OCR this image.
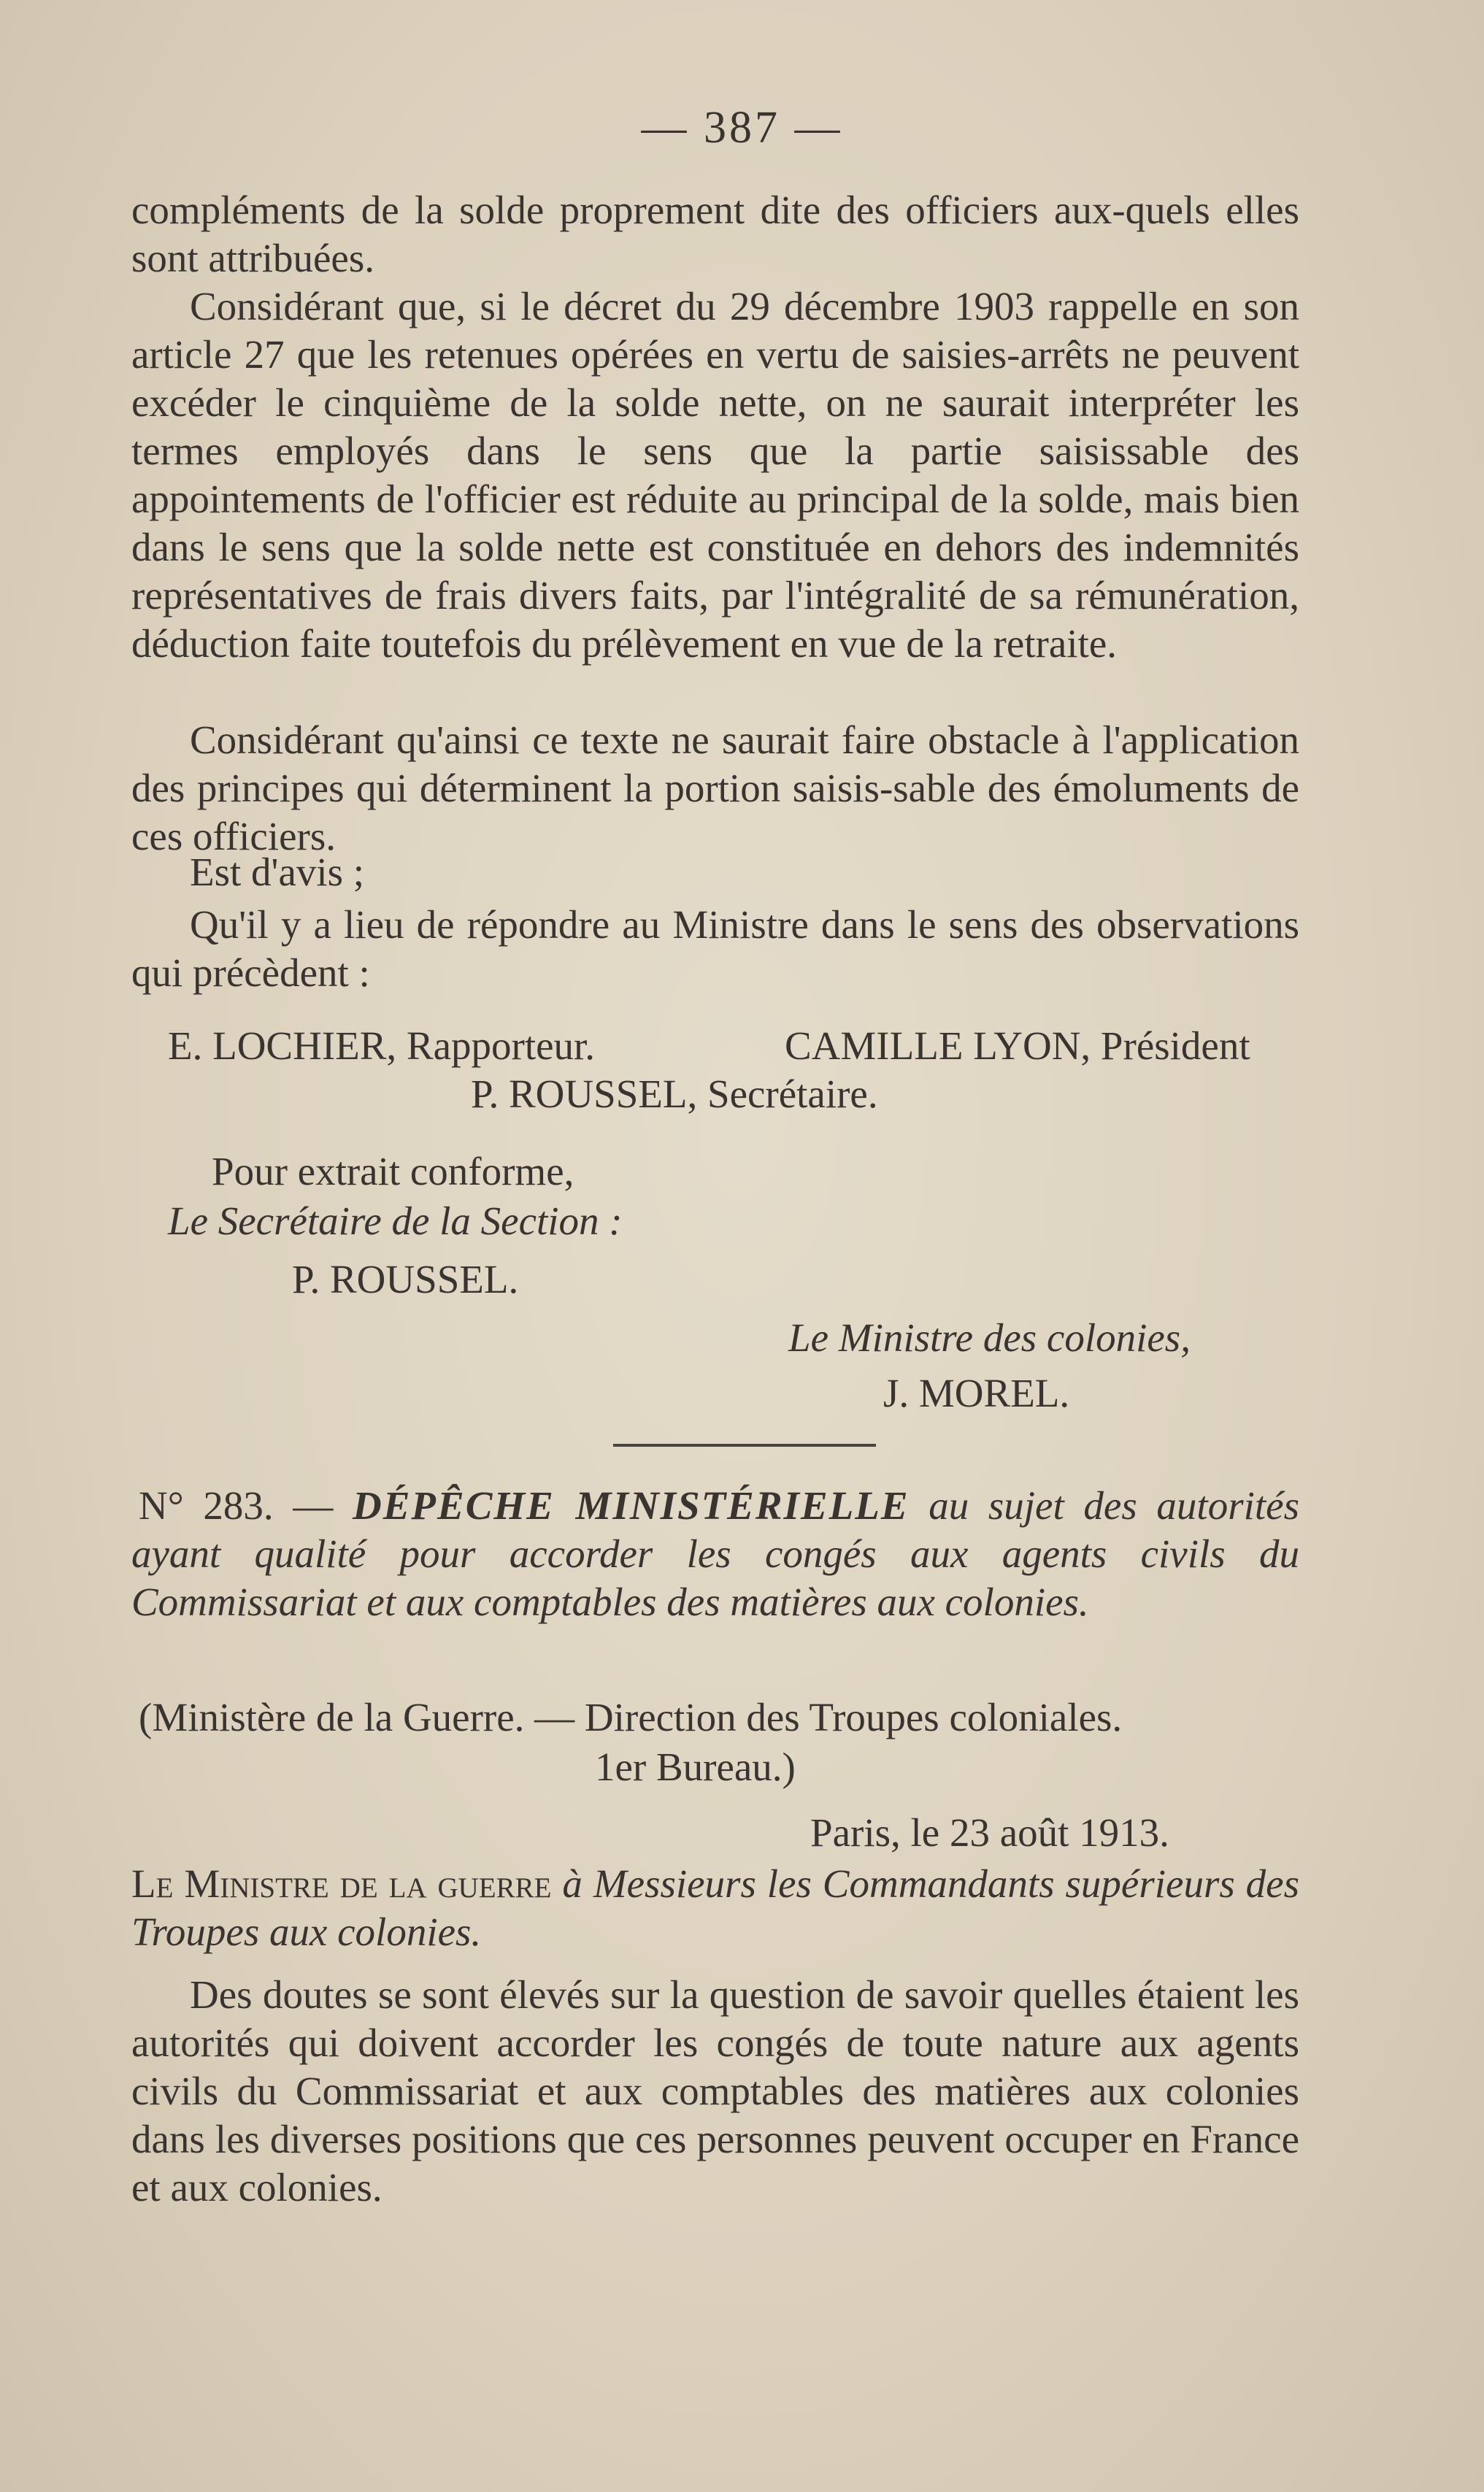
— 387 —

compléments de la solde proprement dite des officiers aux-quels elles sont attribuées.

Considérant que, si le décret du 29 décembre 1903 rappelle en son article 27 que les retenues opérées en vertu de saisies-arrêts ne peuvent excéder le cinquième de la solde nette, on ne saurait interpréter les termes employés dans le sens que la partie saisissable des appointements de l'officier est réduite au principal de la solde, mais bien dans le sens que la solde nette est constituée en dehors des indemnités représentatives de frais divers faits, par l'intégralité de sa rémunération, déduction faite toutefois du prélèvement en vue de la retraite.

Considérant qu'ainsi ce texte ne saurait faire obstacle à l'application des principes qui déterminent la portion saisis-sable des émoluments de ces officiers.

Est d'avis ;

Qu'il y a lieu de répondre au Ministre dans le sens des observations qui précèdent :

E. LOCHIER, Rapporteur.	CAMILLE LYON, Président

P. ROUSSEL, Secrétaire.

Pour extrait conforme,

Le Secrétaire de la Section :

P. ROUSSEL.

Le Ministre des colonies,

J. MOREL.

N° 283. — DÉPÊCHE MINISTÉRIELLE au sujet des autorités ayant qualité pour accorder les congés aux agents civils du Commissariat et aux comptables des matières aux colonies.

(Ministère de la Guerre. — Direction des Troupes coloniales.

1er Bureau.)

Paris, le 23 août 1913.

Le Ministre de la guerre à Messieurs les Commandants supérieurs des Troupes aux colonies.

Des doutes se sont élevés sur la question de savoir quelles étaient les autorités qui doivent accorder les congés de toute nature aux agents civils du Commissariat et aux comptables des matières aux colonies dans les diverses positions que ces personnes peuvent occuper en France et aux colonies.
